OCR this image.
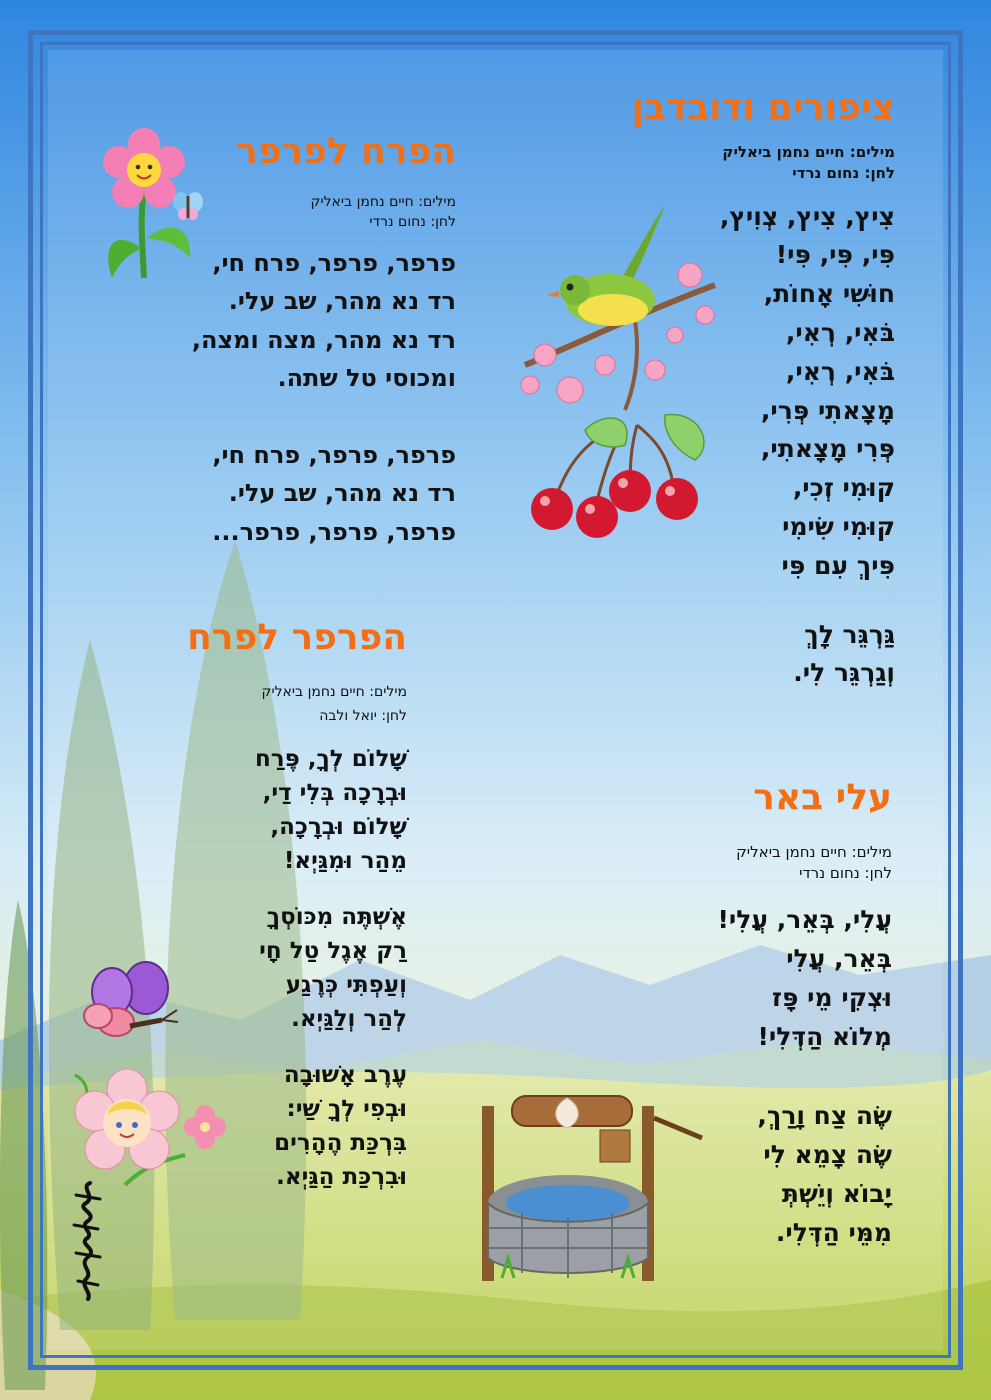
ציפורים ודובדבן

מילים: חיים נחמן ביאליק

לחן: נחום נרדי

צִיץ, צִיץ, צְוִיץ,
פִּי, פִּי, פִּי!
חוּשִׁי אָחוֹת,
בֹּאִי, רְאִי,
בֹּאִי, רְאִי,
מָצָאתִי פְּרִי,
פְּרִי מָצָאתִי,
קוּמִי זְכִי,
קוּמִי שִׂימִי
פִּיךְ עִם פִּי
גַּרְגֵּר לָךְ
וְגַרְגֵּר לִי.
הפרח לפרפר

מילים: חיים נחמן ביאליק

לחן: נחום נרדי

פרפר, פרפר, פרח חי,
רד נא מהר, שב עלי.
רד נא מהר, מצה ומצה,
ומכוסי טל שתה.
פרפר, פרפר, פרח חי,
רד נא מהר, שב עלי.
פרפר, פרפר, פרפר...
הפרפר לפרח

מילים: חיים נחמן ביאליק

לחן: יואל ולבה

שָׁלוֹם לְךָ, פֶּרַח
וּבְרָכָה בְּלִי דַי,
שָׁלוֹם וּבְרָכָה,
מֵהַר וּמִגַּיְא!
אֶשְׁתֶּה מִכּוֹסְךָ
רַק אֶגֶל טַל חָי
וְעַפְתִּי כְּרֶגַע
לְהַר וְלַגַּיְא.
עֶרֶב אָשׁוּבָה
וּבְפִי לְךָ שַׁי:
בִּרְכַּת הֶהָרִים
וּבִרְכַּת הַגַּיְא.
עלי באר

מילים: חיים נחמן ביאליק

לחן: נחום נרדי

עֲלִי, בְּאֵר, עֲלִי!
בְּאֵר, עֲלִי
וּצְקִי מֵי פָּז
מְלוֹא הַדְּלִי!
שֶׂה צַח וָרַךְ,
שֶׂה צָמֵא לִי
יָבוֹא וְיֵשְׁתְּ
מִמֵּי הַדְּלִי.
